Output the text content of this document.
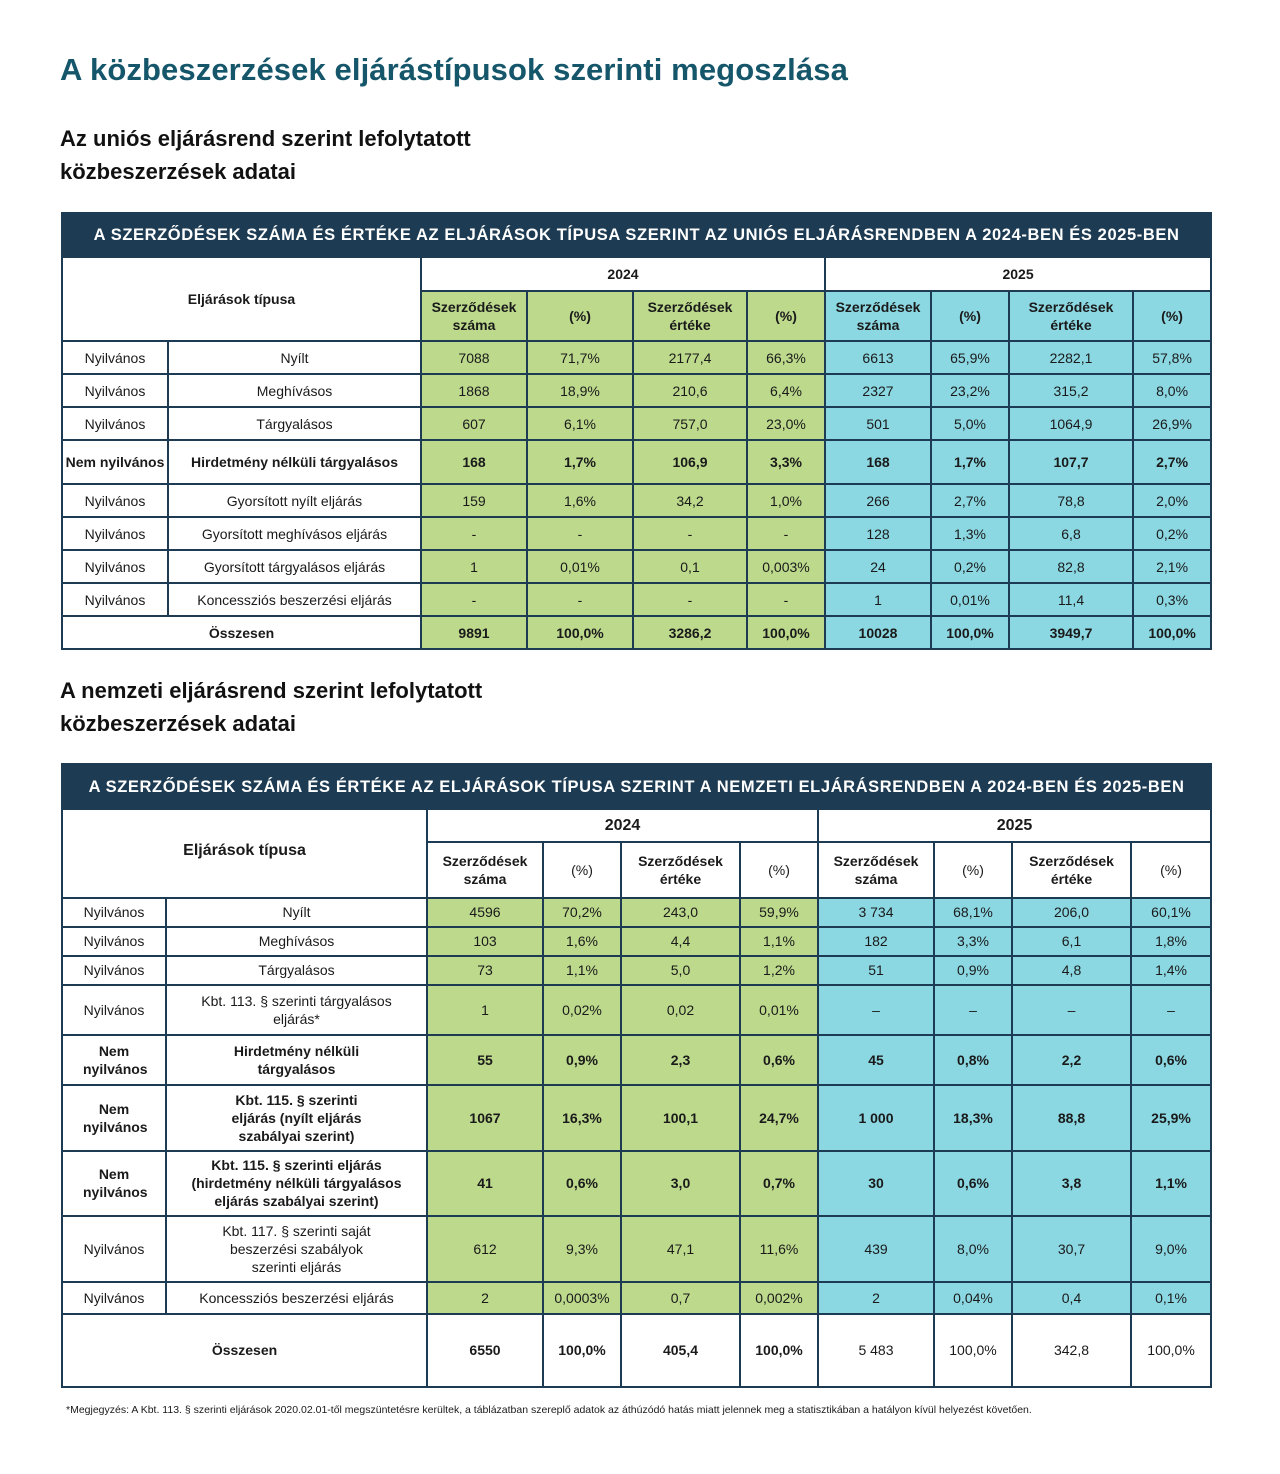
A közbeszerzések eljárástípusok szerinti megoszlása
Az uniós eljárásrend szerint lefolytatott
közbeszerzések adatai
A SZERZŐDÉSEK SZÁMA ÉS ÉRTÉKE AZ ELJÁRÁSOK TÍPUSA SZERINT AZ UNIÓS ELJÁRÁSRENDBEN A 2024-BEN ÉS 2025-BEN									
Eljárások típusa		2024				2025			
		Szerződések száma	(%)	Szerződések értéke	(%)	Szerződések száma	(%)	Szerződések értéke	(%)
Nyilvános	Nyílt	7088	71,7%	2177,4	66,3%	6613	65,9%	2282,1	57,8%
Nyilvános	Meghívásos	1868	18,9%	210,6	6,4%	2327	23,2%	315,2	8,0%
Nyilvános	Tárgyalásos	607	6,1%	757,0	23,0%	501	5,0%	1064,9	26,9%
Nem nyilvános	Hirdetmény nélküli tárgyalásos	168	1,7%	106,9	3,3%	168	1,7%	107,7	2,7%
Nyilvános	Gyorsított nyílt eljárás	159	1,6%	34,2	1,0%	266	2,7%	78,8	2,0%
Nyilvános	Gyorsított meghívásos eljárás	-	-	-	-	128	1,3%	6,8	0,2%
Nyilvános	Gyorsított tárgyalásos eljárás	1	0,01%	0,1	0,003%	24	0,2%	82,8	2,1%
Nyilvános	Koncessziós beszerzési eljárás	-	-	-	-	1	0,01%	11,4	0,3%
Összesen		9891	100,0%	3286,2	100,0%	10028	100,0%	3949,7	100,0%
A nemzeti eljárásrend szerint lefolytatott
közbeszerzések adatai
A SZERZŐDÉSEK SZÁMA ÉS ÉRTÉKE AZ ELJÁRÁSOK TÍPUSA SZERINT A NEMZETI ELJÁRÁSRENDBEN A 2024-BEN ÉS 2025-BEN									
Eljárások típusa		2024				2025			
		Szerződések száma	(%)	Szerződések értéke	(%)	Szerződések száma	(%)	Szerződések értéke	(%)
Nyilvános	Nyílt	4596	70,2%	243,0	59,9%	3 734	68,1%	206,0	60,1%
Nyilvános	Meghívásos	103	1,6%	4,4	1,1%	182	3,3%	6,1	1,8%
Nyilvános	Tárgyalásos	73	1,1%	5,0	1,2%	51	0,9%	4,8	1,4%
Nyilvános	Kbt. 113. § szerinti tárgyalásos eljárás*	1	0,02%	0,02	0,01%	–	–	–	–
Nem nyilvános	Hirdetmény nélküli tárgyalásos	55	0,9%	2,3	0,6%	45	0,8%	2,2	0,6%
Nem nyilvános	Kbt. 115. § szerinti eljárás (nyílt eljárás szabályai szerint)	1067	16,3%	100,1	24,7%	1 000	18,3%	88,8	25,9%
Nem nyilvános	Kbt. 115. § szerinti eljárás (hirdetmény nélküli tárgyalásos eljárás szabályai szerint)	41	0,6%	3,0	0,7%	30	0,6%	3,8	1,1%
Nyilvános	Kbt. 117. § szerinti saját beszerzési szabályok szerinti eljárás	612	9,3%	47,1	11,6%	439	8,0%	30,7	9,0%
Nyilvános	Koncessziós beszerzési eljárás	2	0,0003%	0,7	0,002%	2	0,04%	0,4	0,1%
Összesen		6550	100,0%	405,4	100,0%	5 483	100,0%	342,8	100,0%

*Megjegyzés: A Kbt. 113. § szerinti eljárások 2020.02.01-től megszüntetésre kerültek, a táblázatban szereplő adatok az áthúzódó hatás miatt jelennek meg a statisztikában a hatályon kívül helyezést követően.
